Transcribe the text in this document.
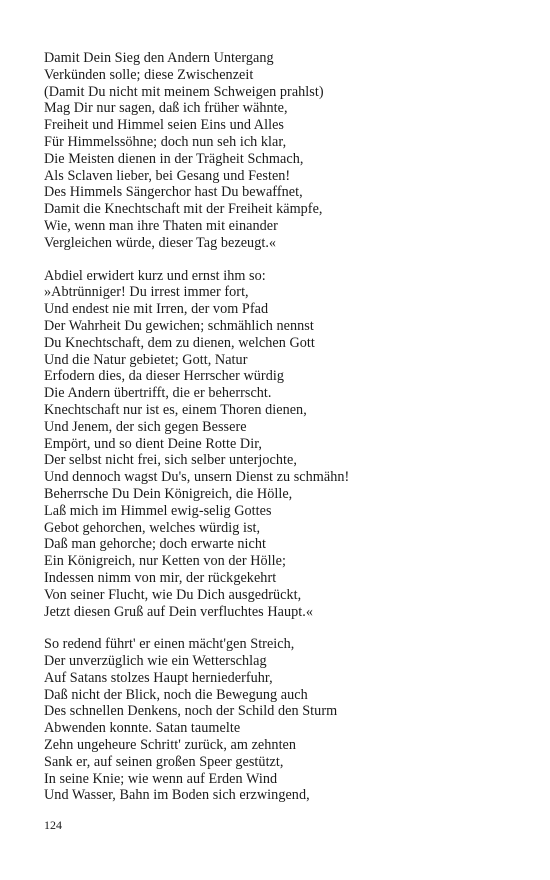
Damit Dein Sieg den Andern Untergang
Verkünden solle; diese Zwischenzeit
(Damit Du nicht mit meinem Schweigen prahlst)
Mag Dir nur sagen, daß ich früher wähnte,
Freiheit und Himmel seien Eins und Alles
Für Himmelssöhne; doch nun seh ich klar,
Die Meisten dienen in der Trägheit Schmach,
Als Sclaven lieber, bei Gesang und Festen!
Des Himmels Sängerchor hast Du bewaffnet,
Damit die Knechtschaft mit der Freiheit kämpfe,
Wie, wenn man ihre Thaten mit einander
Vergleichen würde, dieser Tag bezeugt.«
Abdiel erwidert kurz und ernst ihm so:
»Abtrünniger! Du irrest immer fort,
Und endest nie mit Irren, der vom Pfad
Der Wahrheit Du gewichen; schmählich nennst
Du Knechtschaft, dem zu dienen, welchen Gott
Und die Natur gebietet; Gott, Natur
Erfodern dies, da dieser Herrscher würdig
Die Andern übertrifft, die er beherrscht.
Knechtschaft nur ist es, einem Thoren dienen,
Und Jenem, der sich gegen Bessere
Empört, und so dient Deine Rotte Dir,
Der selbst nicht frei, sich selber unterjochte,
Und dennoch wagst Du's, unsern Dienst zu schmähn!
Beherrsche Du Dein Königreich, die Hölle,
Laß mich im Himmel ewig-selig Gottes
Gebot gehorchen, welches würdig ist,
Daß man gehorche; doch erwarte nicht
Ein Königreich, nur Ketten von der Hölle;
Indessen nimm von mir, der rückgekehrt
Von seiner Flucht, wie Du Dich ausgedrückt,
Jetzt diesen Gruß auf Dein verfluchtes Haupt.«
So redend führt' er einen mächt'gen Streich,
Der unverzüglich wie ein Wetterschlag
Auf Satans stolzes Haupt herniederfuhr,
Daß nicht der Blick, noch die Bewegung auch
Des schnellen Denkens, noch der Schild den Sturm
Abwenden konnte. Satan taumelte
Zehn ungeheure Schritt' zurück, am zehnten
Sank er, auf seinen großen Speer gestützt,
In seine Knie; wie wenn auf Erden Wind
Und Wasser, Bahn im Boden sich erzwingend,
124
